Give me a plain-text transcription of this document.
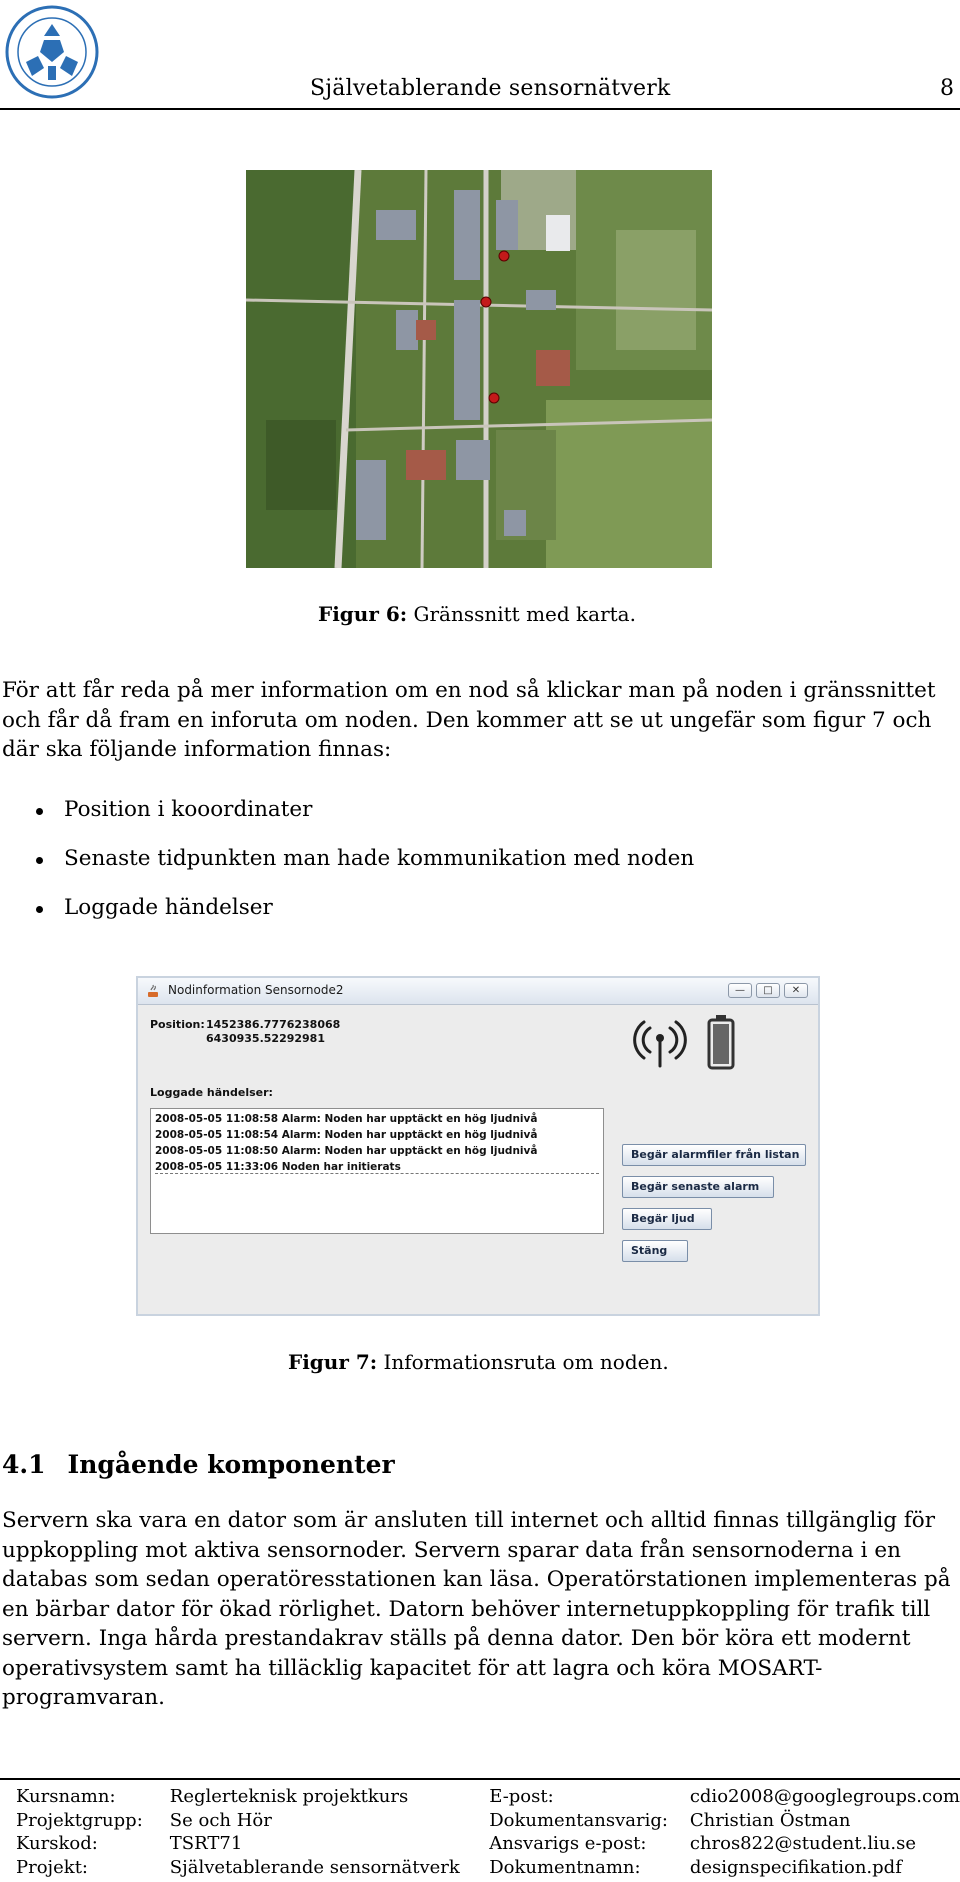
Självetablerande sensornätverk	8
Figur 6: Gränssnitt med karta.
För att får reda på mer information om en nod så klickar man på noden i gränssnittet och får då fram en inforuta om noden. Den kommer att se ut ungefär som figur 7 och där ska följande information finnas:
Position i kooordinater
Senaste tidpunkten man hade kommunikation med noden
Loggade händelser
Nodinformation Sensornode2	—	□	✕
Position: 1452386.7776238068
6430935.52292981
Loggade händelser:
2008-05-05 11:08:58 Alarm: Noden har upptäckt en hög ljudnivå
2008-05-05 11:08:54 Alarm: Noden har upptäckt en hög ljudnivå
2008-05-05 11:08:50 Alarm: Noden har upptäckt en hög ljudnivå
2008-05-05 11:33:06 Noden har initierats
Begär alarmfiler från listan
Begär senaste alarm
Begär ljud
Stäng
Figur 7: Informationsruta om noden.
4.1 Ingående komponenter
Servern ska vara en dator som är ansluten till internet och alltid finnas tillgänglig för uppkoppling mot aktiva sensornoder. Servern sparar data från sensornoderna i en databas som sedan operatöresstationen kan läsa. Operatörstationen implementeras på en bärbar dator för ökad rörlighet. Datorn behöver internetuppkoppling för trafik till servern. Inga hårda prestandakrav ställs på denna dator. Den bör köra ett modernt operativsystem samt ha tilläcklig kapacitet för att lagra och köra MOSART-programvaran.
Kursnamn:	Reglerteknisk projektkurs	E-post:	cdio2008@googlegroups.com
Projektgrupp:	Se och Hör	Dokumentansvarig:	Christian Östman
Kurskod:	TSRT71	Ansvarigs e-post:	chros822@student.liu.se
Projekt:	Självetablerande sensornätverk	Dokumentnamn:	designspecifikation.pdf
